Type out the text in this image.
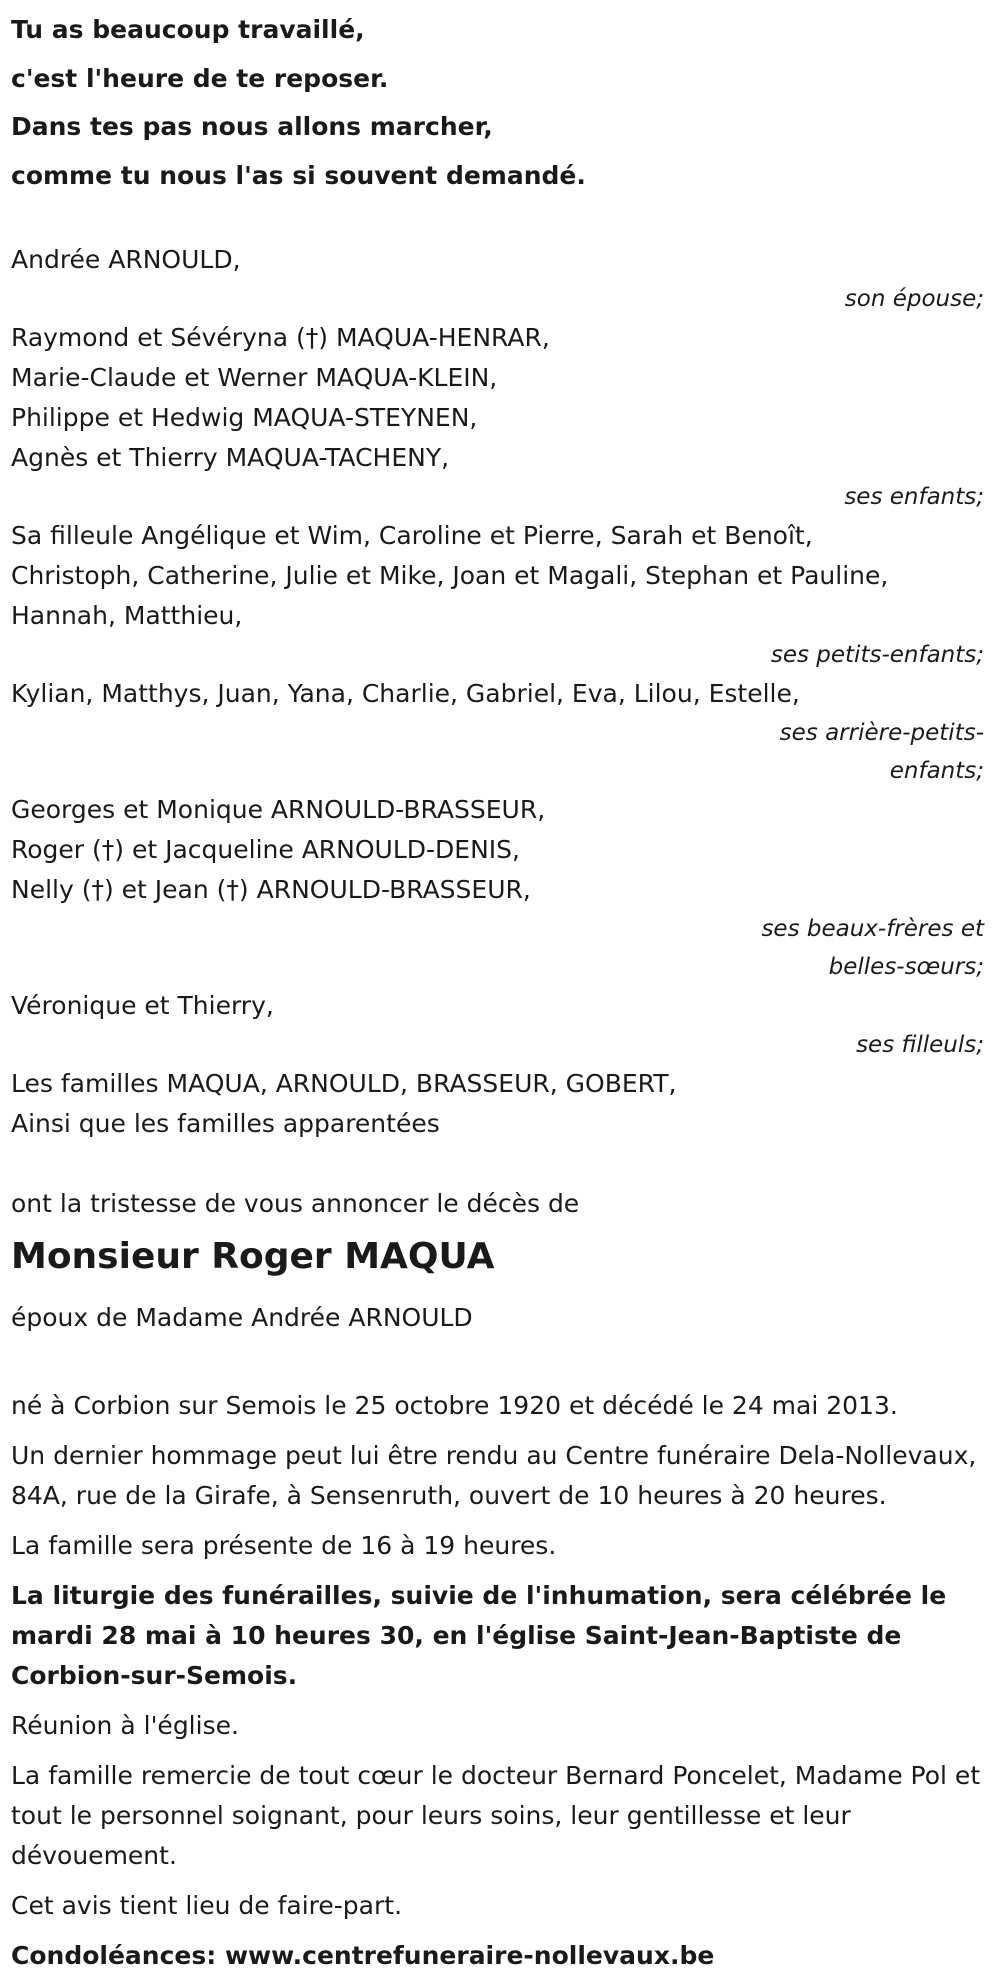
Tu as beaucoup travaillé,

c'est l'heure de te reposer.

Dans tes pas nous allons marcher,

comme tu nous l'as si souvent demandé.

Andrée ARNOULD,
son épouse;
Raymond et Sévéryna (†) MAQUA-HENRAR,
Marie-Claude et Werner MAQUA-KLEIN,
Philippe et Hedwig MAQUA-STEYNEN,
Agnès et Thierry MAQUA-TACHENY,
ses enfants;
Sa filleule Angélique et Wim, Caroline et Pierre, Sarah et Benoît,
Christoph, Catherine, Julie et Mike, Joan et Magali, Stephan et Pauline,
Hannah, Matthieu,
ses petits-enfants;
Kylian, Matthys, Juan, Yana, Charlie, Gabriel, Eva, Lilou, Estelle,
ses arrière-petits-
enfants;
Georges et Monique ARNOULD-BRASSEUR,
Roger (†) et Jacqueline ARNOULD-DENIS,
Nelly (†) et Jean (†) ARNOULD-BRASSEUR,
ses beaux-frères et
belles-sœurs;
Véronique et Thierry,
ses filleuls;
Les familles MAQUA, ARNOULD, BRASSEUR, GOBERT,
Ainsi que les familles apparentées

ont la tristesse de vous annoncer le décès de

Monsieur Roger MAQUA

époux de Madame Andrée ARNOULD

né à Corbion sur Semois le 25 octobre 1920 et décédé le 24 mai 2013.

Un dernier hommage peut lui être rendu au Centre funéraire Dela-Nollevaux, 84A, rue de la Girafe, à Sensenruth, ouvert de 10 heures à 20 heures.

La famille sera présente de 16 à 19 heures.

La liturgie des funérailles, suivie de l'inhumation, sera célébrée le mardi 28 mai à 10 heures 30, en l'église Saint-Jean-Baptiste de Corbion-sur-Semois.

Réunion à l'église.

La famille remercie de tout cœur le docteur Bernard Poncelet, Madame Pol et tout le personnel soignant, pour leurs soins, leur gentillesse et leur dévouement.

Cet avis tient lieu de faire-part.

Condoléances: www.centrefuneraire-nollevaux.be
